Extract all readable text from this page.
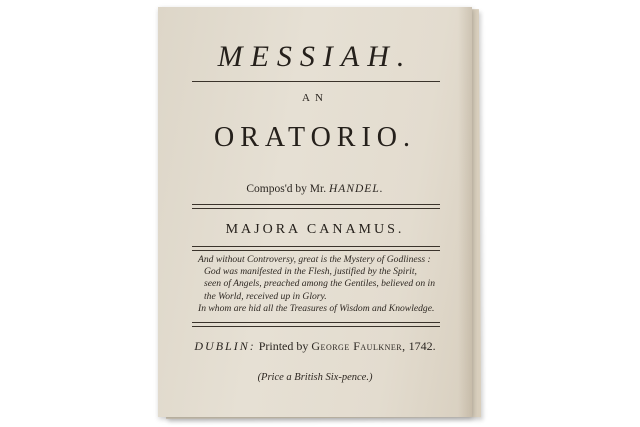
MESSIAH.
AN
ORATORIO.
Compos'd by Mr. HANDEL.
MAJORA CANAMUS.
And without Controversy, great is the Mystery of Godliness :
God was manifested in the Flesh, justified by the Spirit,
seen of Angels, preached among the Gentiles, believed on in
the World, received up in Glory.
In whom are hid all the Treasures of Wisdom and Knowledge.
DUBLIN: Printed by George Faulkner, 1742.
(Price a British Six-pence.)
